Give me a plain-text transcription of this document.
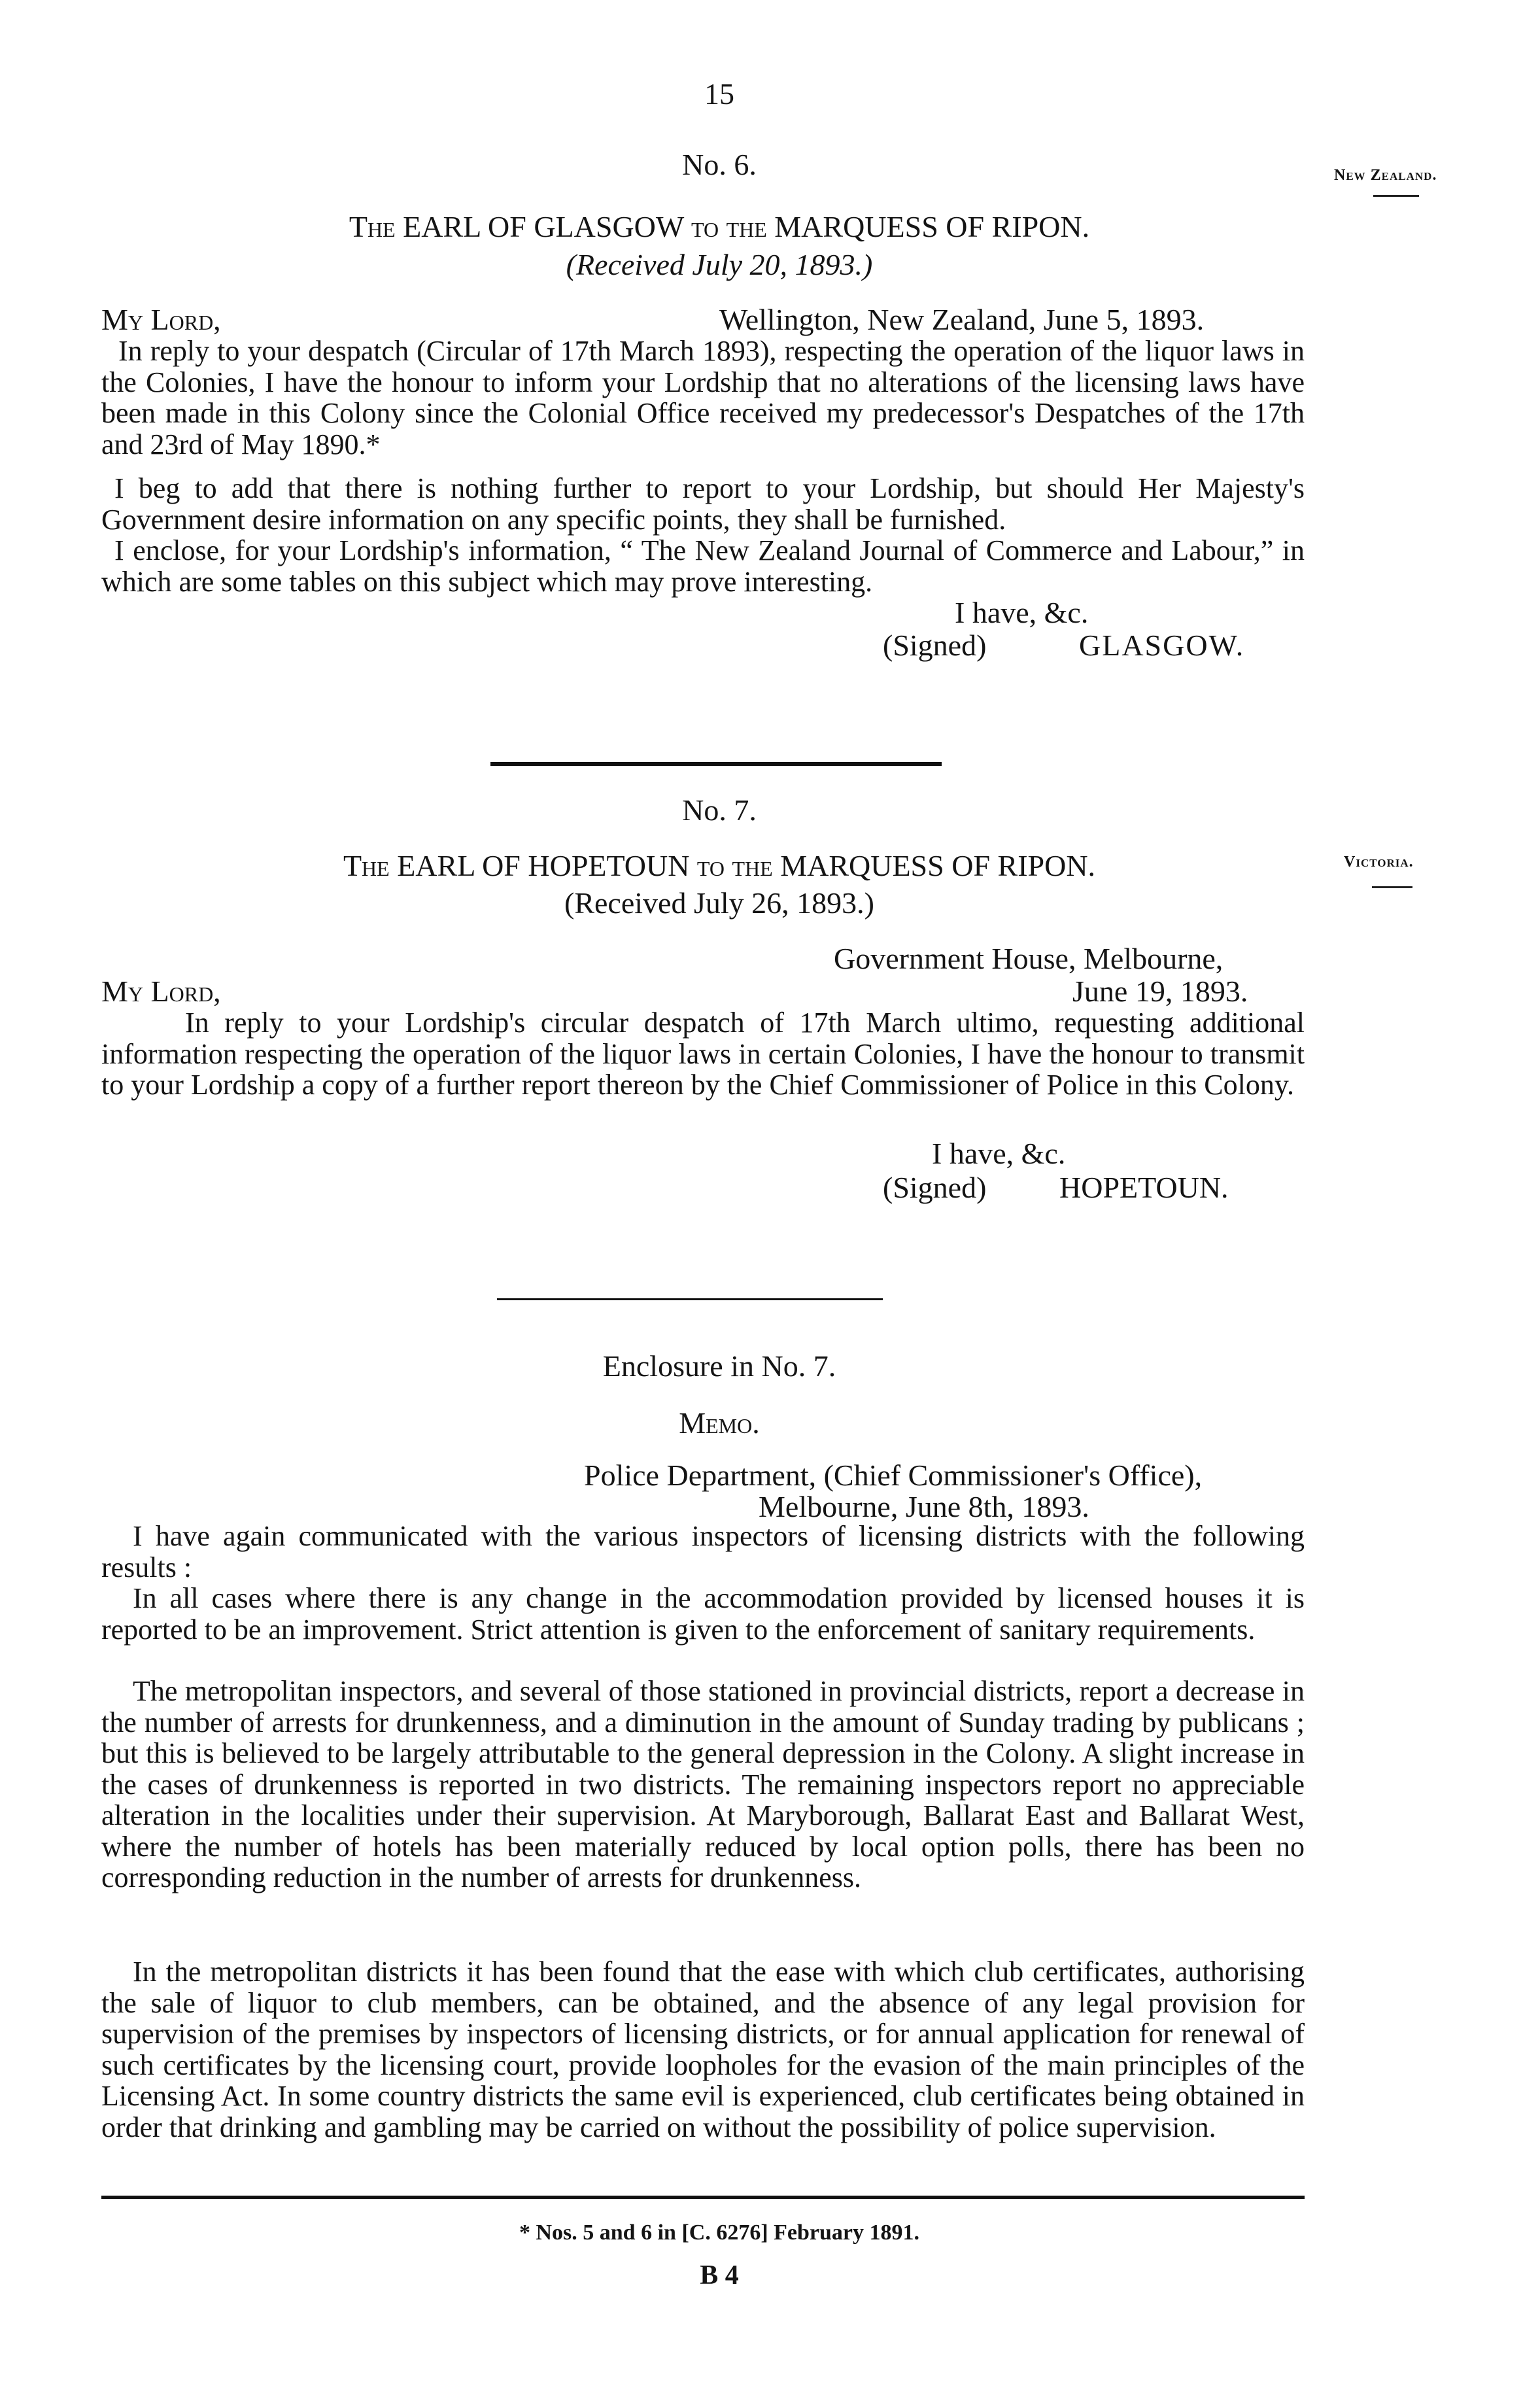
15
No. 6.	New Zealand.
The EARL OF GLASGOW to the MARQUESS OF RIPON.
(Received July 20, 1893.)
My Lord,	Wellington, New Zealand, June 5, 1893.

In reply to your despatch (Circular of 17th March 1893), respecting the operation of the liquor laws in the Colonies, I have the honour to inform your Lordship that no alterations of the licensing laws have been made in this Colony since the Colonial Office received my predecessor's Despatches of the 17th and 23rd of May 1890.*

I beg to add that there is nothing further to report to your Lordship, but should Her Majesty's Government desire information on any specific points, they shall be furnished.

I enclose, for your Lordship's information, “ The New Zealand Journal of Commerce and Labour,” in which are some tables on this subject which may prove interesting.

I have, &c.
(Signed)	GLASGOW.
No. 7.
Victoria.
The EARL OF HOPETOUN to the MARQUESS OF RIPON.
(Received July 26, 1893.)
Government House, Melbourne,
My Lord,	June 19, 1893.

In reply to your Lordship's circular despatch of 17th March ultimo, requesting additional information respecting the operation of the liquor laws in certain Colonies, I have the honour to transmit to your Lordship a copy of a further report thereon by the Chief Commissioner of Police in this Colony.

I have, &c.
(Signed) HOPETOUN.
Enclosure in No. 7.
Memo.
Police Department, (Chief Commissioner's Office),
Melbourne, June 8th, 1893.

I have again communicated with the various inspectors of licensing districts with the following results :

In all cases where there is any change in the accommodation provided by licensed houses it is reported to be an improvement. Strict attention is given to the enforcement of sanitary requirements.

The metropolitan inspectors, and several of those stationed in provincial districts, report a decrease in the number of arrests for drunkenness, and a diminution in the amount of Sunday trading by publicans ; but this is believed to be largely attributable to the general depression in the Colony. A slight increase in the cases of drunkenness is reported in two districts. The remaining inspectors report no appreciable alteration in the localities under their supervision. At Maryborough, Ballarat East and Ballarat West, where the number of hotels has been materially reduced by local option polls, there has been no corresponding reduction in the number of arrests for drunkenness.

In the metropolitan districts it has been found that the ease with which club certificates, authorising the sale of liquor to club members, can be obtained, and the absence of any legal provision for supervision of the premises by inspectors of licensing districts, or for annual application for renewal of such certificates by the licensing court, provide loopholes for the evasion of the main principles of the Licensing Act. In some country districts the same evil is experienced, club certificates being obtained in order that drinking and gambling may be carried on without the possibility of police supervision.

* Nos. 5 and 6 in [C. 6276] February 1891.
B 4
